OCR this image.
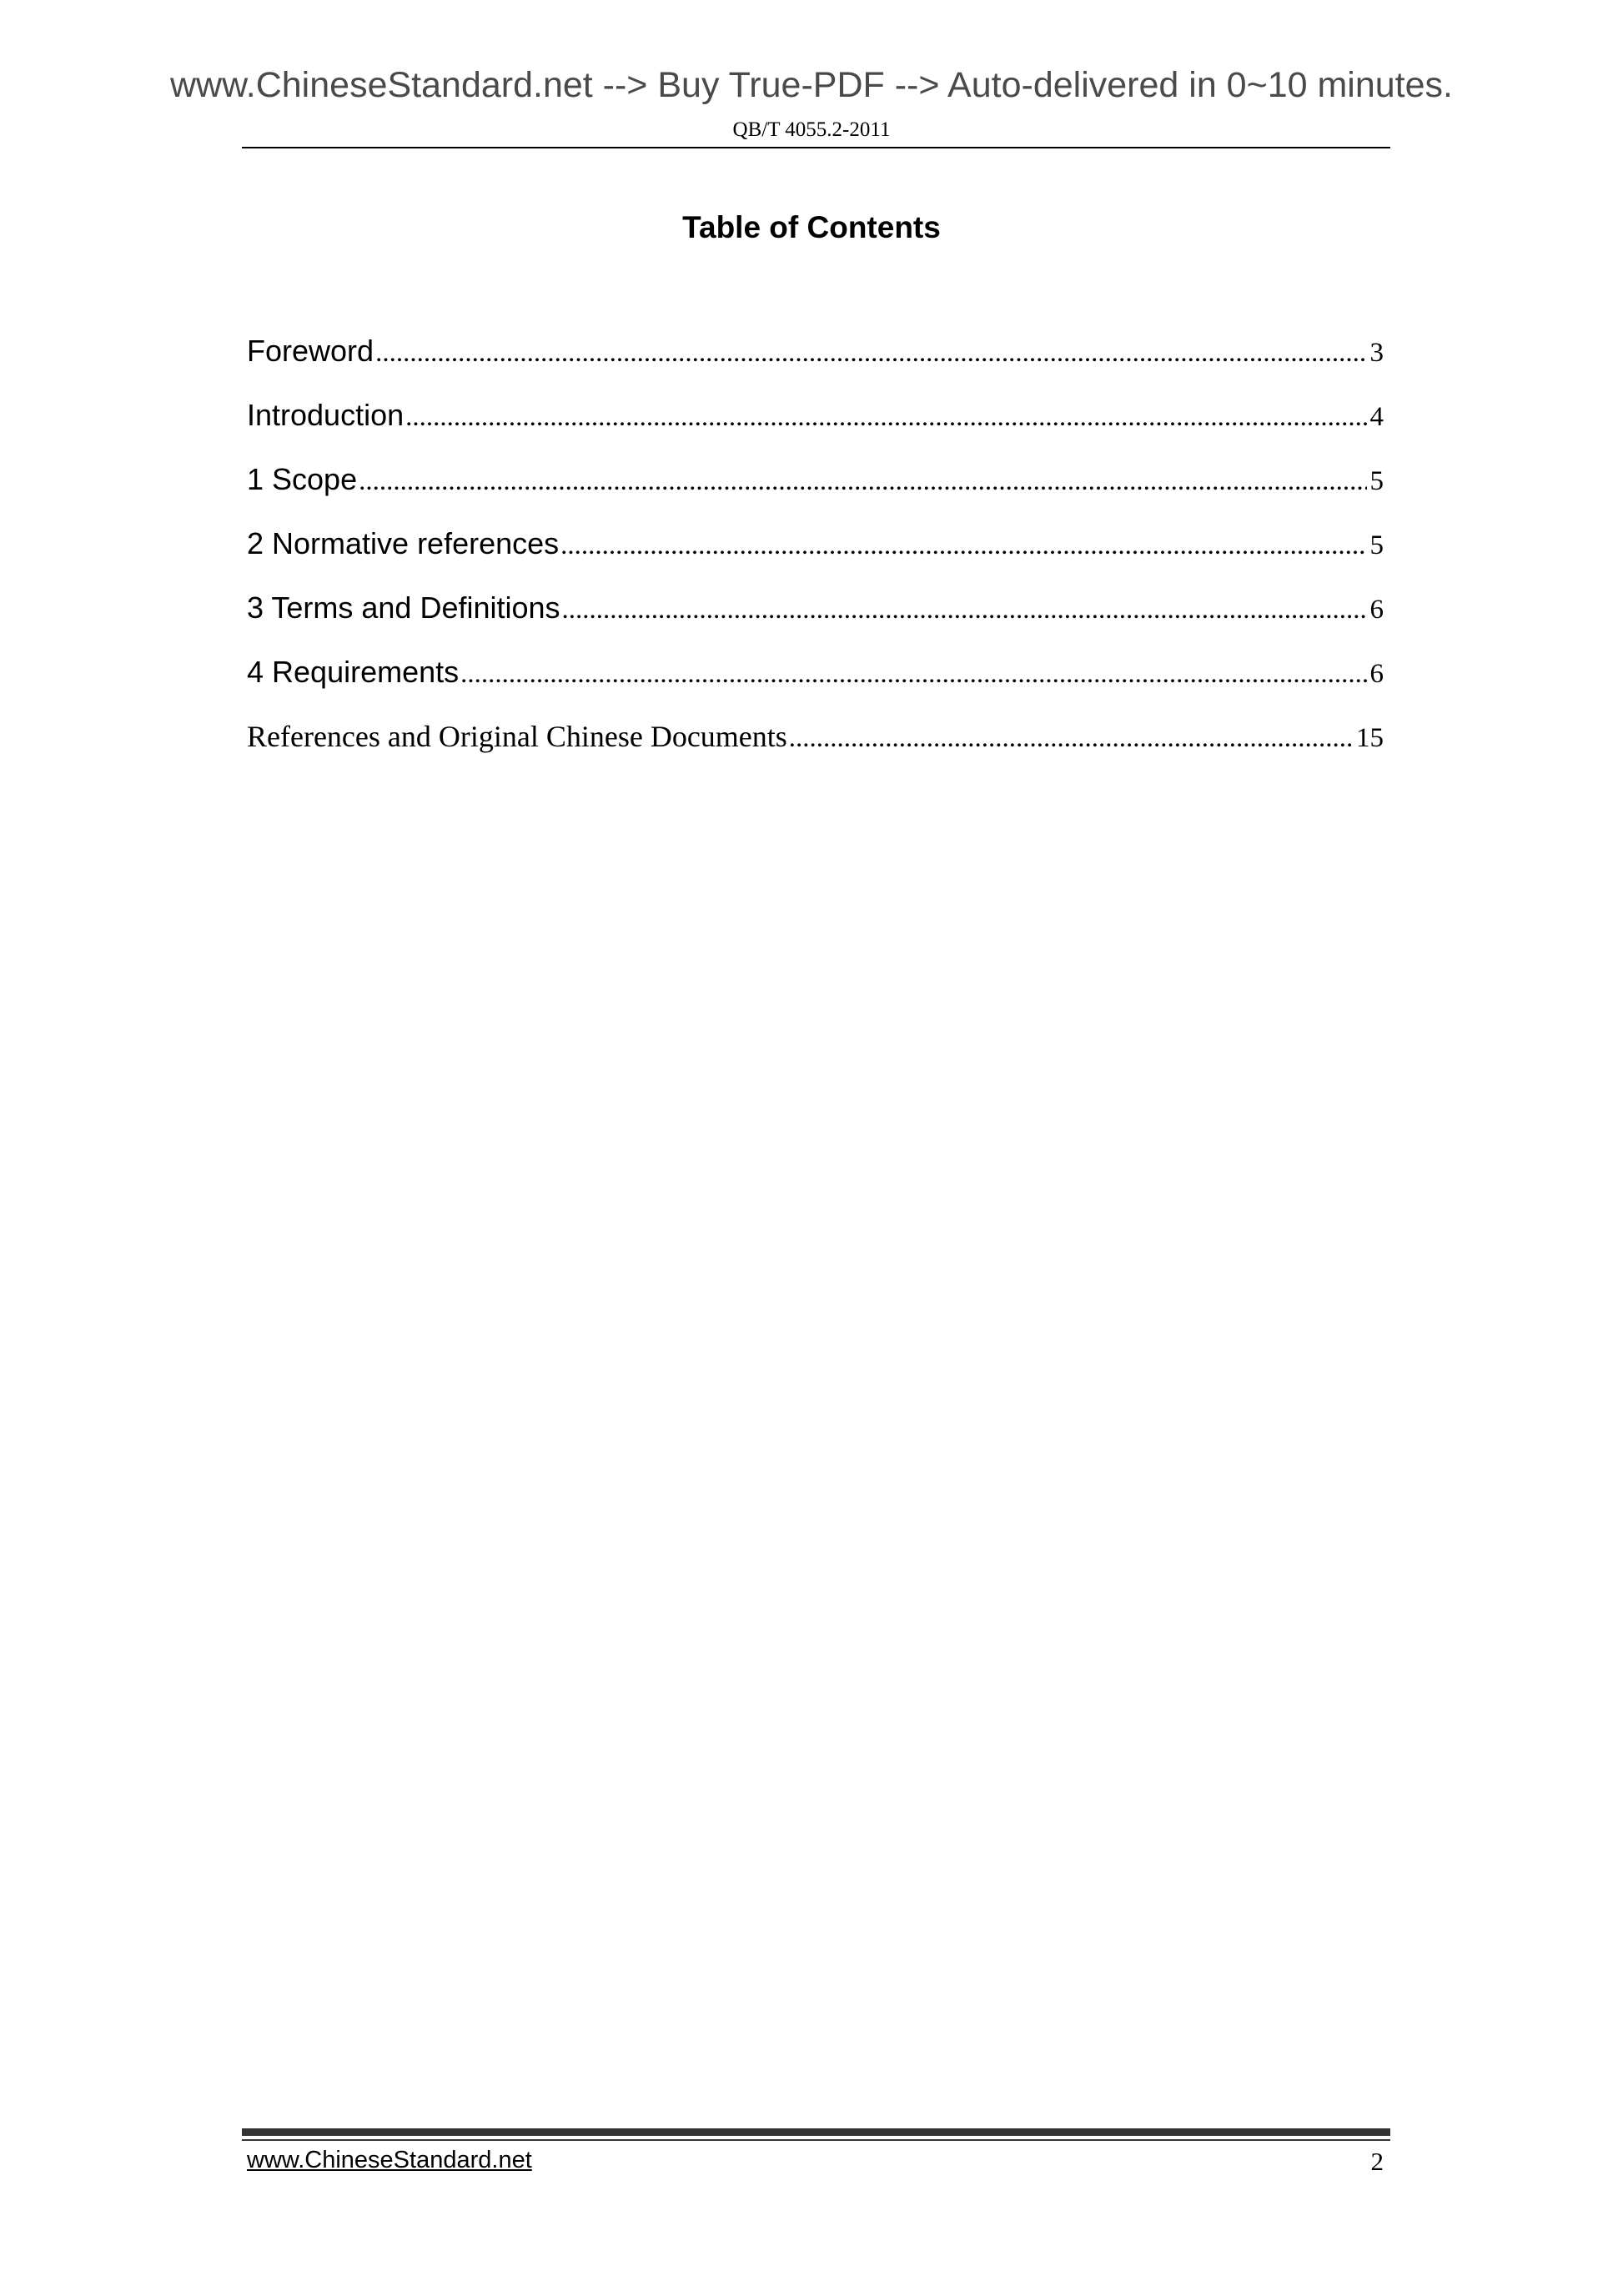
www.ChineseStandard.net --> Buy True-PDF --> Auto-delivered in 0~10 minutes.
QB/T 4055.2-2011
Table of Contents
Foreword .....	3
Introduction .....	4
1 Scope .....	5
2 Normative references .....	5
3 Terms and Definitions .....	6
4 Requirements .....	6
References and Original Chinese Documents .....	15
www.ChineseStandard.net	2
